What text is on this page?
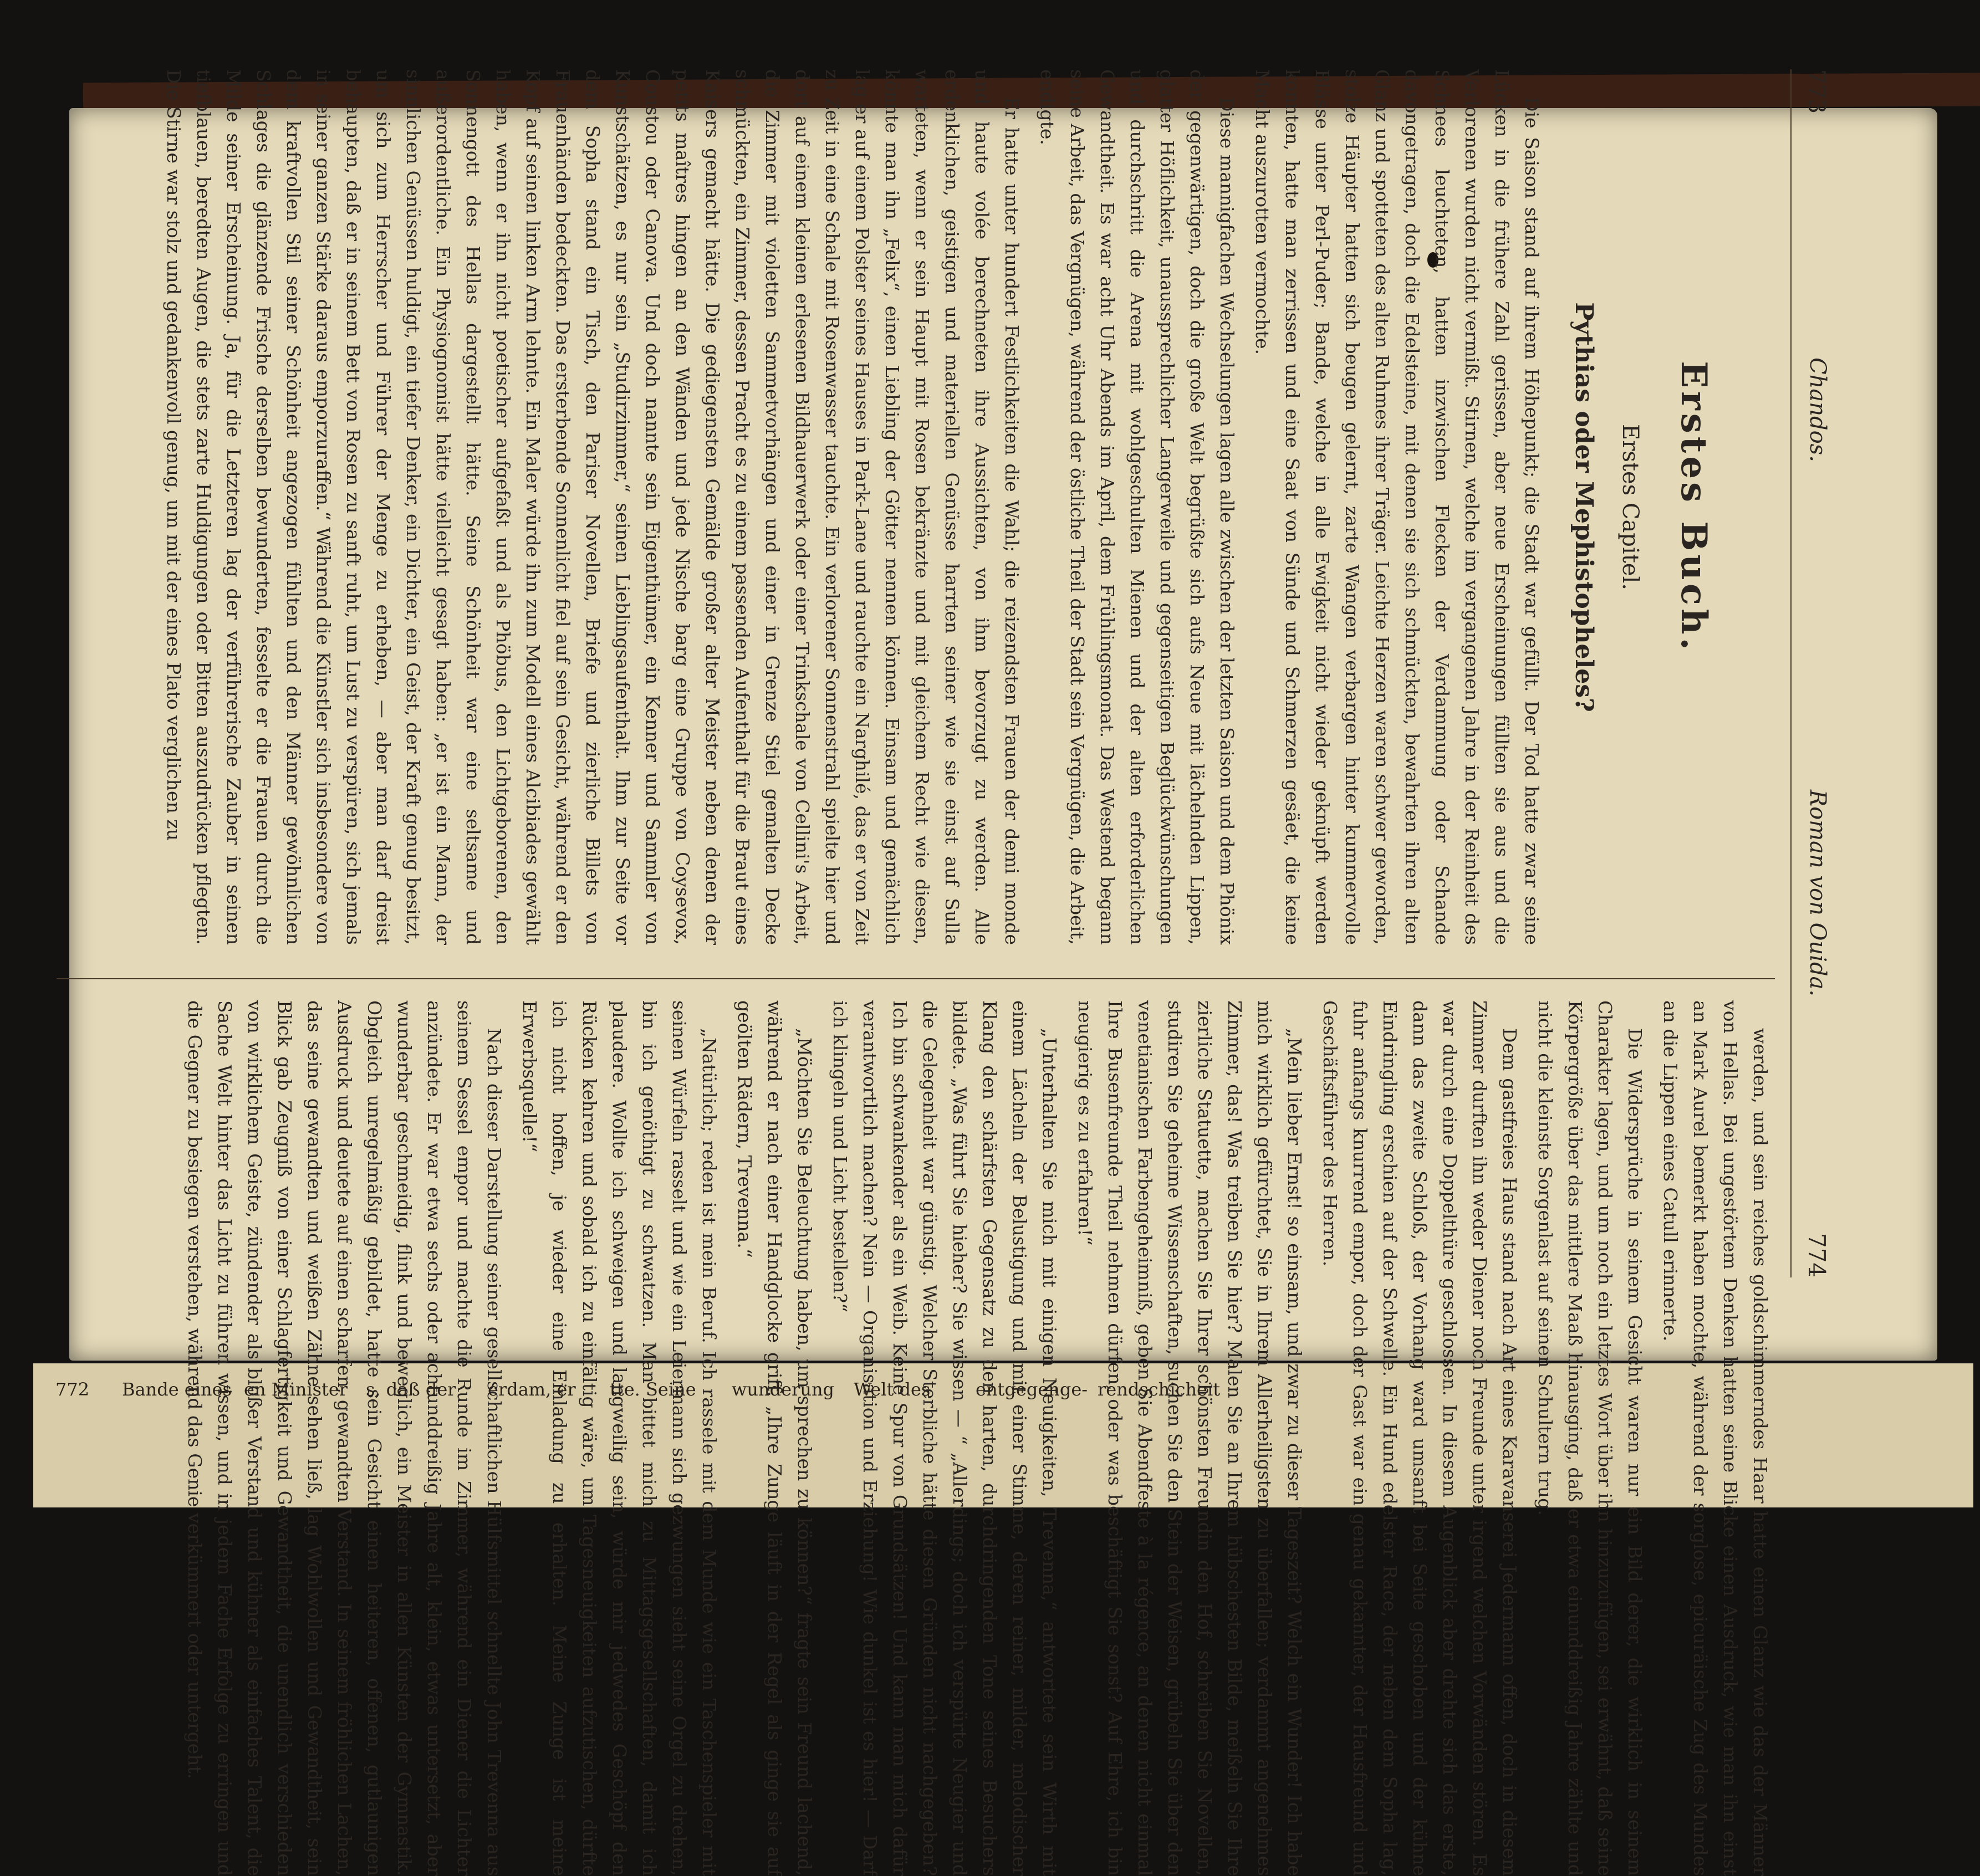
772	Bande eines en Minister	s, daß der	erdam, er	tte. Seine	wunderung	Welt des	entgegenge- rendschicheit
773
Chandos.
Roman von Ouida.
774
Erstes Buch.
Erstes Capitel.
Pythias oder Mephistopheles?

Die Saison stand auf ihrem Höhepunkt; die Stadt war gefüllt. Der Tod hatte zwar seine Lücken in die frühere Zahl gerissen, aber neue Erscheinungen füllten sie aus und die Verlorenen wurden nicht vermißt. Stirnen, welche im vergangenen Jahre in der Reinheit des Schnees leuchteten, hatten inzwischen Flecken der Verdammung oder Schande davongetragen, doch die Edelsteine, mit denen sie sich schmückten, bewahrten ihren alten Glanz und spotteten des alten Ruhmes ihrer Träger. Leichte Herzen waren schwer geworden, stolze Häupter hatten sich beugen gelernt, zarte Wangen verbargen hinter kummervolle Blässe unter Perl-Puder; Bande, welche in alle Ewigkeit nicht wieder geknüpft werden konnten, hatte man zerrissen und eine Saat von Sünde und Schmerzen gesäet, die keine Macht auszurotten vermochte.

Diese mannigfachen Wechselungen lagen alle zwischen der letzten Saison und dem Phönix der gegenwärtigen, doch die große Welt begrüßte sich aufs Neue mit lächelnden Lippen, glatter Höflichkeit, unaussprechlicher Langerweile und gegenseitigen Beglückwünschungen und durchschritt die Arena mit wohlgeschulten Mienen und der alten erforderlichen Gewandtheit. Es war acht Uhr Abends im April, dem Frühlingsmonat. Das Westend begann seine Arbeit, das Vergnügen, während der östliche Theil der Stadt sein Vergnügen, die Arbeit, endigte.

Er hatte unter hundert Festlichkeiten die Wahl; die reizendsten Frauen der demi monde und haute volée berechneten ihre Aussichten, von ihm bevorzugt zu werden. Alle erdenklichen, geistigen und materiellen Genüsse harrten seiner wie sie einst auf Sulla warteten, wenn er sein Haupt mit Rosen bekränzte und mit gleichem Recht wie diesen, könnte man ihn „Felix“, einen Liebling der Götter nennen können. Einsam und gemächlich lag er auf einem Polster seines Hauses in Park-Lane und rauchte ein Narghilé, das er von Zeit zu Zeit in eine Schale mit Rosenwasser tauchte. Ein verlorener Sonnenstrahl spielte hier und dort auf einem kleinen erlesenen Bildhauerwerk oder einer Trinkschale von Cellini's Arbeit, die Zimmer mit violetten Sammetvorhängen und einer in Grenze Stiel gemalten Decke schmückten, ein Zimmer, dessen Pracht es zu einem passenden Aufenthalt für die Braut eines Kaisers gemacht hätte. Die gediegensten Gemälde großer alter Meister neben denen der petits maîtres hingen an den Wänden und jede Nische barg eine Gruppe von Coysevox, Coustou oder Canova. Und doch nannte sein Eigenthümer, ein Kenner und Sammler von Kunstschätzen, es nur sein „Studirzimmer,“ seinen Lieblingsaufenthalt. Ihm zur Seite vor dem Sopha stand ein Tisch, den Pariser Novellen, Briefe und zierliche Billets von Frauenhänden bedeckten. Das ersterbende Sonnenlicht fiel auf sein Gesicht, während er den Kopf auf seinen linken Arm lehnte. Ein Maler würde ihn zum Modell eines Alcibiades gewählt haben, wenn er ihn nicht poetischer aufgefaßt und als Phöbus, den Lichtgeborenen, den Sonnengott des Hellas dargestellt hätte. Seine Schönheit war eine seltsame und außerordentliche. Ein Physiognomist hätte vielleicht gesagt haben: „er ist ein Mann, der sinnlichen Genüssen huldigt, ein tiefer Denker, ein Dichter, ein Geist, der Kraft genug besitzt, um sich zum Herrscher und Führer der Menge zu erheben, — aber man darf dreist behaupten, daß er in seinem Bett von Rosen zu sanft ruht, um Lust zu verspüren, sich jemals in seiner ganzen Stärke daraus emporzuraffen.“ Während die Künstler sich insbesondere von dem kraftvollen Stil seiner Schönheit angezogen fühlten und den Männer gewöhnlichen Schlages die glänzende Frische derselben bewunderten, fesselte er die Frauen durch die Milde seiner Erscheinung. Ja, für die Letzteren lag der verführerische Zauber in seinen tiefblauen, beredten Augen, die stets zarte Huldigungen oder Bitten auszudrücken pflegten. Die Stirne war stolz und gedankenvoll genug, um mit der eines Plato verglichen zu

werden, und sein reiches goldschimmerndes Haar hatte einen Glanz wie das der Männer von Hellas. Bei ungestörtem Denken hatten seine Blicke einen Ausdruck, wie man ihn einst an Mark Aurel bemerkt haben mochte, während der sorglose, epicuräische Zug des Mundes an die Lippen eines Catull erinnerte.

Die Widersprüche in seinem Gesicht waren nur ein Bild derer, die wirklich in seinem Charakter lagen, und um noch ein letztes Wort über ihn hinzuzufügen, sei erwähnt, daß seine Körpergröße über das mittlere Maaß hinausging, daß er etwa einunddreißig Jahre zählte und nicht die kleinste Sorgenlast auf seinen Schultern trug.

Dem gastfreies Haus stand nach Art eines Karavanserei Jedermann offen, doch in diesem Zimmer durften ihn weder Diener noch Freunde unter irgend welchen Vorwänden stören. Es war durch eine Doppelthüre geschlossen. In diesem Augenblick aber drehte sich das erste, dann das zweite Schloß, der Vorhang ward umsanft bei Seite geschoben und der kühne Eindringling erschien auf der Schwelle. Ein Hund edelster Race, der neben dem Sopha lag, fuhr anfangs knurrend empor, doch der Gast war ein genau gekannter, der Hausfreund und Geschäftsführer des Herren.

„Mein lieber Ernst! so einsam, und zwar zu dieser Tageszeit? Welch ein Wunder! Ich habe mich wirklich gefürchtet, Sie in Ihrem Allerheiligsten zu überfallen; verdammt angenehmes Zimmer, das! Was treiben Sie hier? Malen Sie an Ihrem hübschesten Bilde, meißeln Sie Ihre zierliche Statuette, machen Sie Ihrer schönsten Freundin den Hof, schreiben Sie Novellen, studiren Sie geheime Wissenschaften, suchen Sie den Stein der Weisen, grübeln Sie über den venetianischen Farbengeheimniß, geben Sie Abendfeste à la régence, an denen nicht einmal Ihre Busenfreunde Theil nehmen dürfen, oder was beschäftigt Sie sonst? Auf Ehre, ich bin neugierig es zu erfahren!“

„Unterhalten Sie mich mit einigen Neuigkeiten, Trevenna,“ antwortete sein Wirth mit einem Lächeln der Belustigung und mit einer Stimme, deren reiner, milder, melodischer Klang den schärfsten Gegensatz zu den harten, durchdringenden Tone seines Besuchers bildete. „Was führt Sie hieher? Sie wissen — “ „Allerdings; doch ich verspürte Neugier und die Gelegenheit war günstig. Welcher Sterbliche hätte diesen Gründen nicht nachgegeben? Ich bin schwankender als ein Weib. Keine Spur von Grundsätzen! Und kann man mich dafür verantwortlich machen? Nein — Organisation und Erziehung! Wie dunkel ist es hier! — Darf ich klingeln und Licht bestellen?“

„Möchten Sie Beleuchtung haben, um sprechen zu können?“ fragte sein Freund lachend, während er nach einer Handglocke griff. „Ihre Zunge läuft in der Regel als ginge sie auf geölten Rädern, Trevenna.“

„Natürlich; reden ist mein Beruf. Ich rassele mit dem Munde wie ein Taschenspieler mit seinen Würfeln rasselt und wie ein Leiermann sich gezwungen sieht seine Orgel zu drehen, bin ich genöthigt zu schwatzen. Man bittet mich zu Mittagsgesellschaften, damit ich plaudere. Wollte ich schweigen und langweilig sein, würde mir jedwedes Geschöpf den Rücken kehren und sobald ich zu einfältig wäre, um Tagesneuigkeiten aufzutischen, dürfte ich nicht hoffen, je wieder eine Einladung zu erhalten. Meine Zunge ist meine Erwerbsquelle!“

Nach dieser Darstellung seiner gesellschaftlichen Hülfsmittel schnellte John Trevenna aus seinem Sessel empor und machte die Runde im Zimmer, während ein Diener die Lichter anzündete. Er war etwa sechs oder achtunddreißig Jahre alt, klein, etwas untersetzt, aber wunderbar geschmeidig, flink und beweglich, ein Meister in allen Künsten der Gymnastik. Obgleich unregelmäßig gebildet, hatte sein Gesicht einen heiteren, offenen, gutlaunigen Ausdruck und deutete auf einen scharfen, gewandten Verstand. In seinem fröhlichen Lachen, das seine gewandten und weißen Zähne sehen ließ, lag Wohlwollen und Gewandtheit, sein Blick gab Zeugniß von einer Schlagfertigkeit und Gewandtheit, die unendlich verschieden von wirklichem Geiste, zündender als bloßer Verstand und kühner als einfaches Talent, die Sache Welt hinter das Licht zu führen wissen, und in jedem Fache Erfolge zu erringen und die Gegner zu besiegen verstehen, während das Genie verkümmert oder untergeht.
